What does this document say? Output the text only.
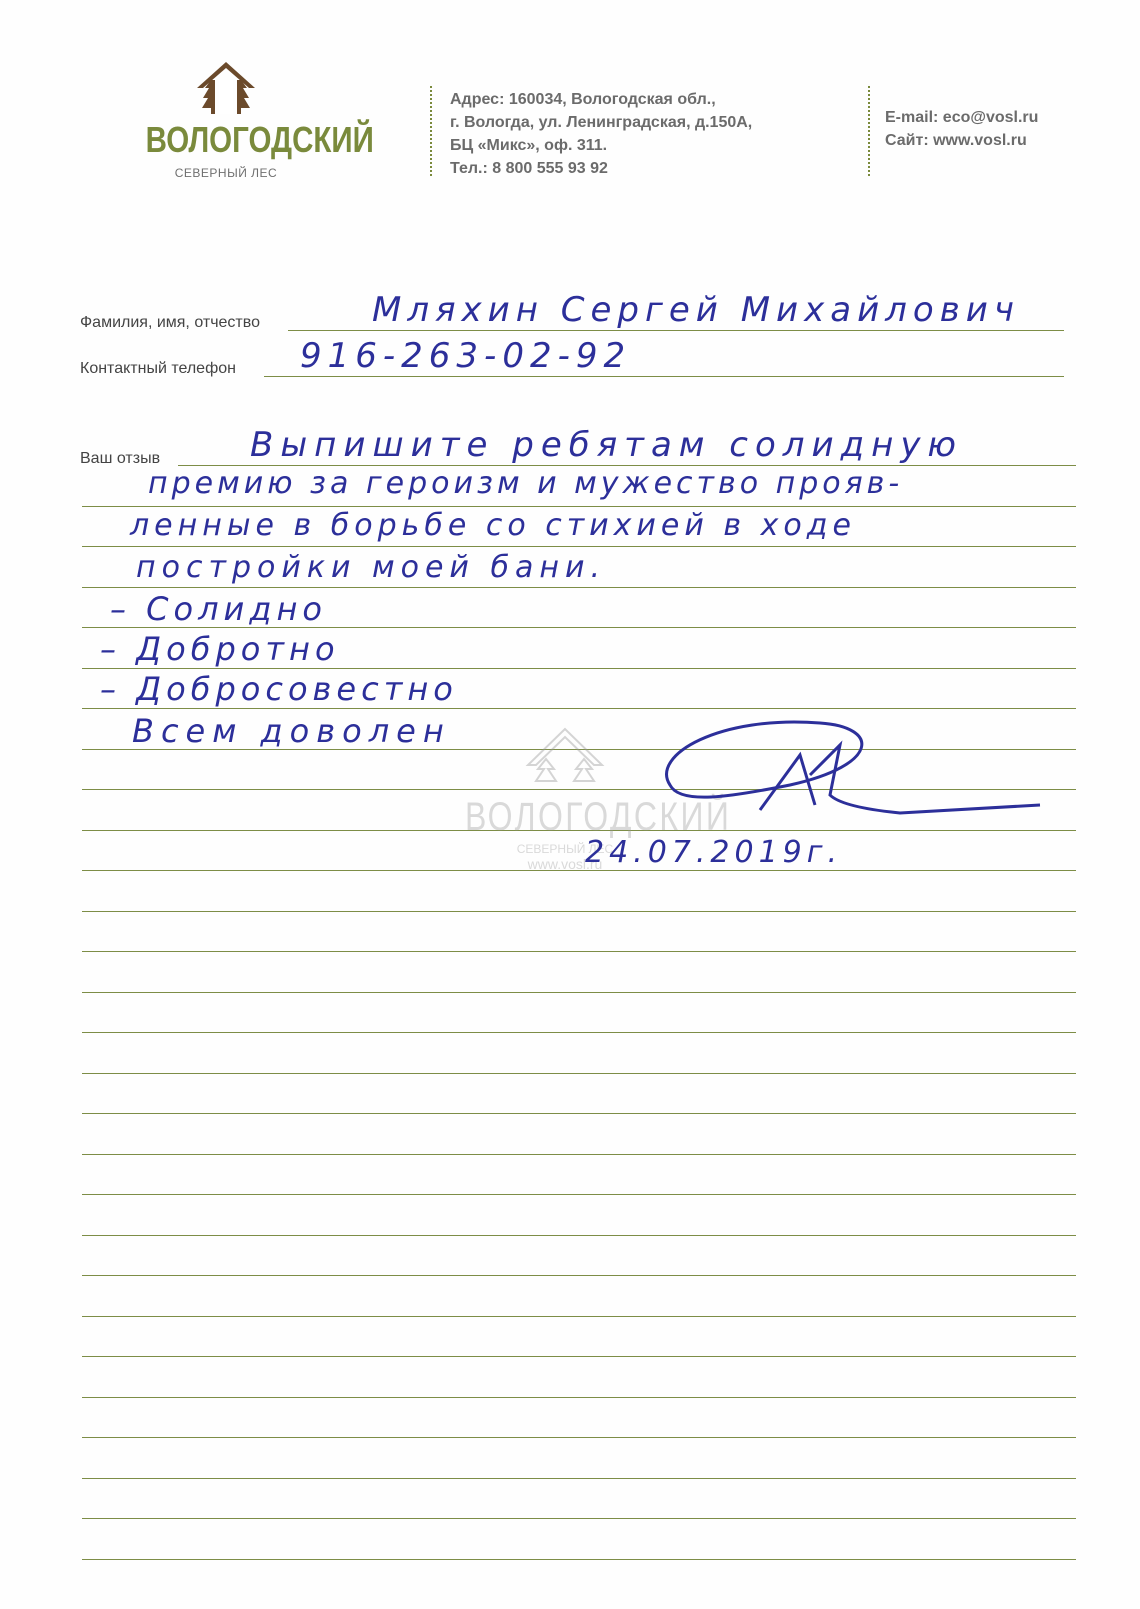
ВОЛОГОДСКИЙ
СЕВЕРНЫЙ ЛЕС
Адрес: 160034, Вологодская обл.,
г. Вологда, ул. Ленинградская, д.150А,
БЦ «Микс», оф. 311.
Тел.: 8 800 555 93 92
E-mail: eco@vosl.ru
Сайт: www.vosl.ru
Фамилия, имя, отчество	Мляхин Сергей Михайлович
Контактный телефон 916-263-02-92
Ваш отзыв	Выпишите ребятам солидную
премию за героизм и мужество прояв-
ленные в борьбе со стихией в ходе
постройки моей бани.
– Солидно
– Добротно
– Добросовестно
Всем доволен
ВОЛОГОДСКИЙ
СЕВЕРНЫЙ ЛЕС
www.vosl.ru
24.07.2019г.
